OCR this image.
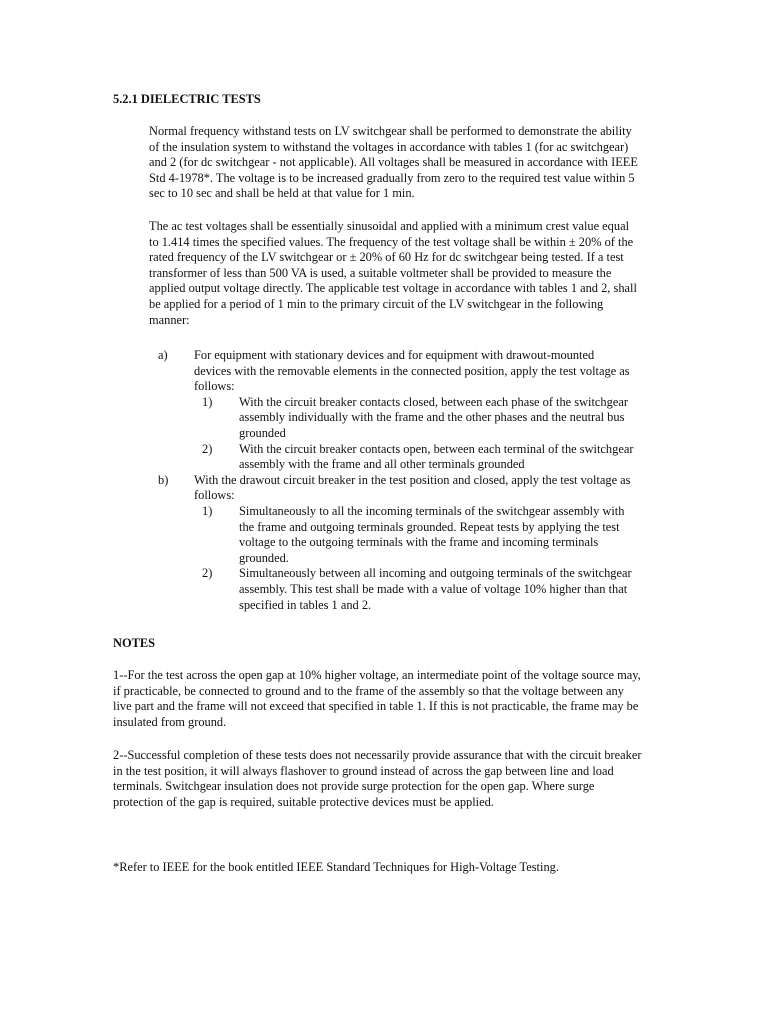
5.2.1 DIELECTRIC TESTS

Normal frequency withstand tests on LV switchgear shall be performed to demonstrate the ability of the insulation system to withstand the voltages in accordance with tables 1 (for ac switchgear) and 2 (for dc switchgear - not applicable). All voltages shall be measured in accordance with IEEE Std 4-1978*. The voltage is to be increased gradually from zero to the required test value within 5 sec to 10 sec and shall be held at that value for 1 min.

The ac test voltages shall be essentially sinusoidal and applied with a minimum crest value equal to 1.414 times the specified values. The frequency of the test voltage shall be within ± 20% of the rated frequency of the LV switchgear or ± 20% of 60 Hz for dc switchgear being tested. If a test transformer of less than 500 VA is used, a suitable voltmeter shall be provided to measure the applied output voltage directly. The applicable test voltage in accordance with tables 1 and 2, shall be applied for a period of 1 min to the primary circuit of the LV switchgear in the following manner:

a)	For equipment with stationary devices and for equipment with drawout-mounted devices with the removable elements in the connected position, apply the test voltage as follows:
1)	With the circuit breaker contacts closed, between each phase of the switchgear assembly individually with the frame and the other phases and the neutral bus grounded
2)	With the circuit breaker contacts open, between each terminal of the switchgear assembly with the frame and all other terminals grounded
b)	With the drawout circuit breaker in the test position and closed, apply the test voltage as follows:
1)	Simultaneously to all the incoming terminals of the switchgear assembly with the frame and outgoing terminals grounded. Repeat tests by applying the test voltage to the outgoing terminals with the frame and incoming terminals grounded.
2)	Simultaneously between all incoming and outgoing terminals of the switchgear assembly. This test shall be made with a value of voltage 10% higher than that specified in tables 1 and 2.

NOTES

1--For the test across the open gap at 10% higher voltage, an intermediate point of the voltage source may, if practicable, be connected to ground and to the frame of the assembly so that the voltage between any live part and the frame will not exceed that specified in table 1. If this is not practicable, the frame may be insulated from ground.

2--Successful completion of these tests does not necessarily provide assurance that with the circuit breaker in the test position, it will always flashover to ground instead of across the gap between line and load terminals. Switchgear insulation does not provide surge protection for the open gap. Where surge protection of the gap is required, suitable protective devices must be applied.

*Refer to IEEE for the book entitled IEEE Standard Techniques for High-Voltage Testing.
